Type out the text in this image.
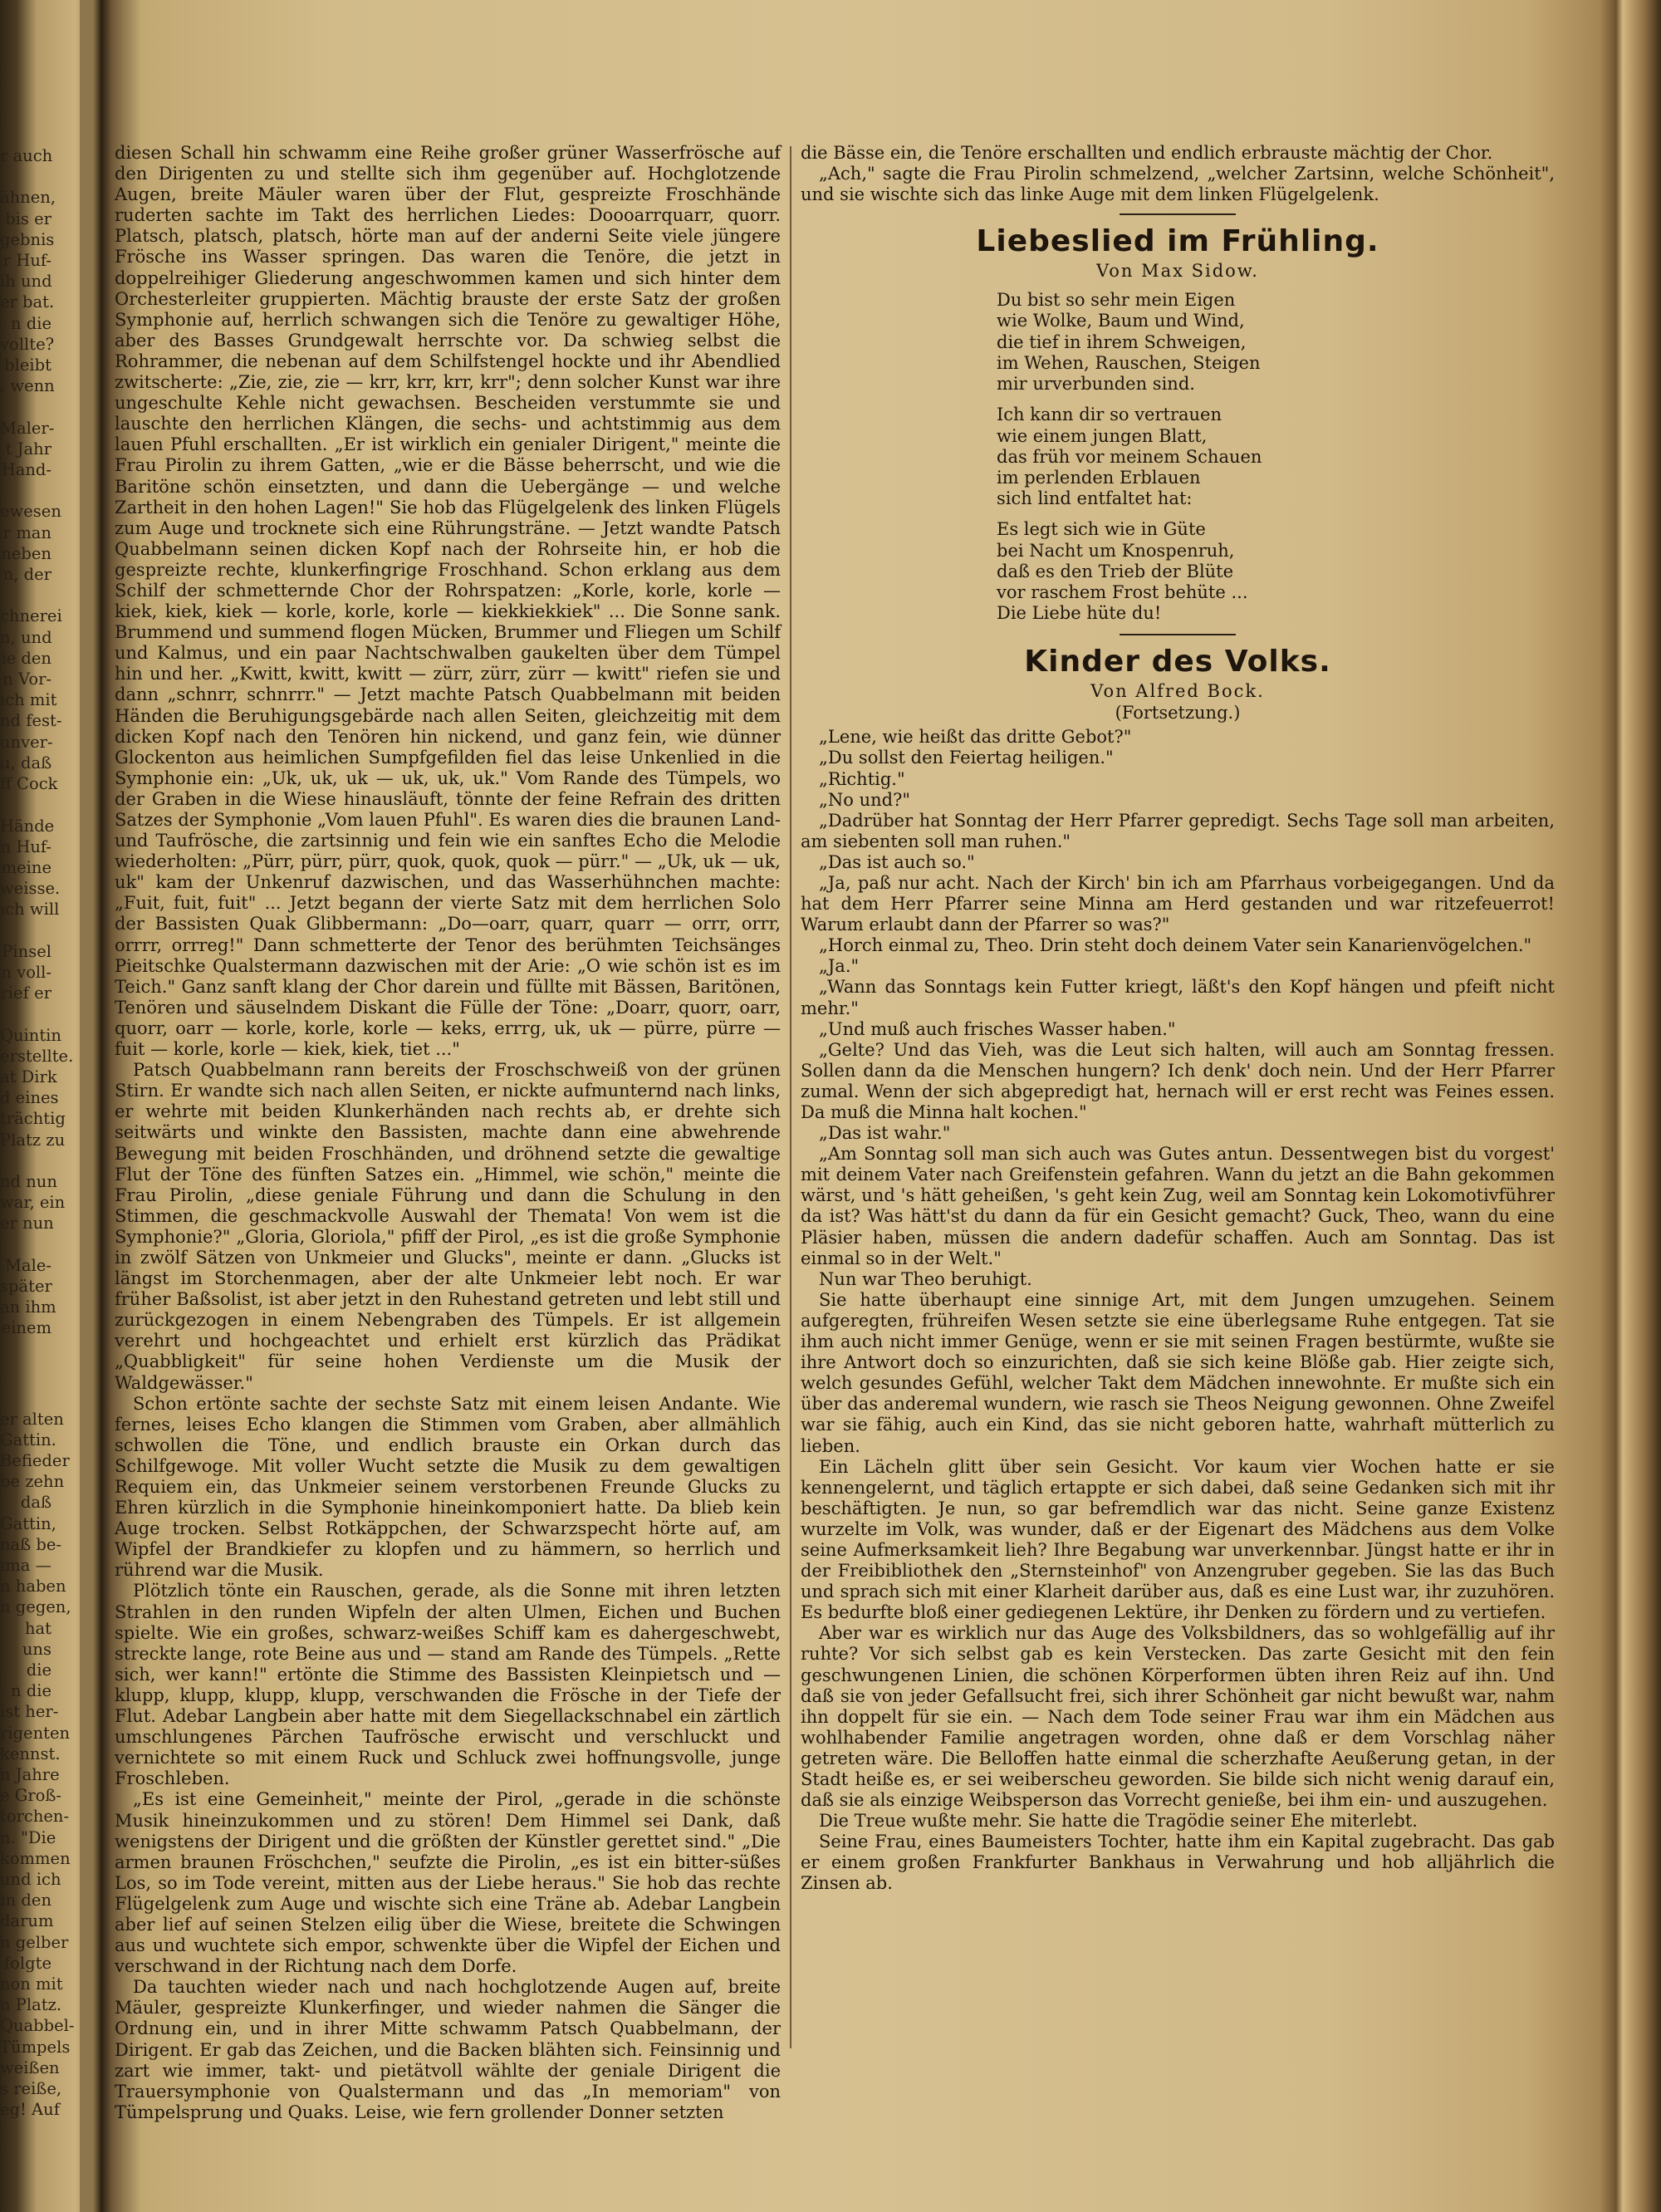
r auch

ähnen,
bis er
gebnis
r Huf-
ih und
er bat.
n die
vollte?
bleibt
, wenn

Maler-
t Jahr
Hand-

ewesen
r man
neben
n, der

chnerei
n, und
ie den
n Vor-
ich mit
nd fest-
unver-
u, daß
ff Cock

Hände
n Huf-
meine
weisse.
ich will

Pinsel
n voll-
rief er

Quintin
erstellte.
at Dirk
d eines
trächtig
Platz zu

nd nun
war, ein
er nun

Male-
später
an ihm
einem
er alten
Gattin.
Befieder
be zehn
daß
Gattin,
naß be-
ima —
n haben
n gegen,
hat
uns
die
n die
ist her-
rigenten
kennst.
n Jahre
e Groß-
torchen-
n. "Die
kommen
und ich
in den
darum
n gelber
folgte
non mit
n Platz.
Quabbel-
Tümpels
weißen
s reiße,
eg! Auf

diesen Schall hin schwamm eine Reihe großer grüner Wasserfrösche auf den Dirigenten zu und stellte sich ihm gegenüber auf. Hochglotzende Augen, breite Mäuler waren über der Flut, gespreizte Froschhände ruderten sachte im Takt des herrlichen Liedes: Doooarrquarr, quorr. Platsch, platsch, platsch, hörte man auf der anderni Seite viele jüngere Frösche ins Wasser springen. Das waren die Tenöre, die jetzt in doppelreihiger Gliederung angeschwommen kamen und sich hinter dem Orchesterleiter gruppierten. Mächtig brauste der erste Satz der großen Symphonie auf, herrlich schwangen sich die Tenöre zu gewaltiger Höhe, aber des Basses Grundgewalt herrschte vor. Da schwieg selbst die Rohrammer, die nebenan auf dem Schilfstengel hockte und ihr Abendlied zwitscherte: „Zie, zie, zie — krr, krr, krr, krr"; denn solcher Kunst war ihre ungeschulte Kehle nicht gewachsen. Bescheiden verstummte sie und lauschte den herrlichen Klängen, die sechs- und achtstimmig aus dem lauen Pfuhl erschallten. „Er ist wirklich ein genialer Dirigent," meinte die Frau Pirolin zu ihrem Gatten, „wie er die Bässe beherrscht, und wie die Baritöne schön einsetzten, und dann die Uebergänge — und welche Zartheit in den hohen Lagen!" Sie hob das Flügelgelenk des linken Flügels zum Auge und trocknete sich eine Rührungsträne. — Jetzt wandte Patsch Quabbelmann seinen dicken Kopf nach der Rohrseite hin, er hob die gespreizte rechte, klunkerfingrige Froschhand. Schon erklang aus dem Schilf der schmetternde Chor der Rohrspatzen: „Korle, korle, korle — kiek, kiek, kiek — korle, korle, korle — kiekkiekkiek" ... Die Sonne sank. Brummend und summend flogen Mücken, Brummer und Fliegen um Schilf und Kalmus, und ein paar Nachtschwalben gaukelten über dem Tümpel hin und her. „Kwitt, kwitt, kwitt — zürr, zürr, zürr — kwitt" riefen sie und dann „schnrr, schnrrr." — Jetzt machte Patsch Quabbelmann mit beiden Händen die Beruhigungsgebärde nach allen Seiten, gleichzeitig mit dem dicken Kopf nach den Tenören hin nickend, und ganz fein, wie dünner Glockenton aus heimlichen Sumpfgefilden fiel das leise Unkenlied in die Symphonie ein: „Uk, uk, uk — uk, uk, uk." Vom Rande des Tümpels, wo der Graben in die Wiese hinausläuft, tönnte der feine Refrain des dritten Satzes der Symphonie „Vom lauen Pfuhl". Es waren dies die braunen Land- und Taufrösche, die zartsinnig und fein wie ein sanftes Echo die Melodie wiederholten: „Pürr, pürr, pürr, quok, quok, quok — pürr." — „Uk, uk — uk, uk" kam der Unkenruf dazwischen, und das Wasserhühnchen machte: „Fuit, fuit, fuit" ... Jetzt begann der vierte Satz mit dem herrlichen Solo der Bassisten Quak Glibbermann: „Do—oarr, quarr, quarr — orrr, orrr, orrrr, orrreg!" Dann schmetterte der Tenor des berühmten Teichsänges Pieitschke Qualstermann dazwischen mit der Arie: „O wie schön ist es im Teich." Ganz sanft klang der Chor darein und füllte mit Bässen, Baritönen, Tenören und säuselndem Diskant die Fülle der Töne: „Doarr, quorr, oarr, quorr, oarr — korle, korle, korle — keks, errrg, uk, uk — pürre, pürre — fuit — korle, korle — kiek, kiek, tiet ..."

Patsch Quabbelmann rann bereits der Froschschweiß von der grünen Stirn. Er wandte sich nach allen Seiten, er nickte aufmunternd nach links, er wehrte mit beiden Klunkerhänden nach rechts ab, er drehte sich seitwärts und winkte den Bassisten, machte dann eine abwehrende Bewegung mit beiden Froschhänden, und dröhnend setzte die gewaltige Flut der Töne des fünften Satzes ein. „Himmel, wie schön," meinte die Frau Pirolin, „diese geniale Führung und dann die Schulung in den Stimmen, die geschmackvolle Auswahl der Themata! Von wem ist die Symphonie?" „Gloria, Gloriola," pfiff der Pirol, „es ist die große Symphonie in zwölf Sätzen von Unkmeier und Glucks", meinte er dann. „Glucks ist längst im Storchenmagen, aber der alte Unkmeier lebt noch. Er war früher Baßsolist, ist aber jetzt in den Ruhestand getreten und lebt still und zurückgezogen in einem Nebengraben des Tümpels. Er ist allgemein verehrt und hochgeachtet und erhielt erst kürzlich das Prädikat „Quabbligkeit" für seine hohen Verdienste um die Musik der Waldgewässer."

Schon ertönte sachte der sechste Satz mit einem leisen Andante. Wie fernes, leises Echo klangen die Stimmen vom Graben, aber allmählich schwollen die Töne, und endlich brauste ein Orkan durch das Schilfgewoge. Mit voller Wucht setzte die Musik zu dem gewaltigen Requiem ein, das Unkmeier seinem verstorbenen Freunde Glucks zu Ehren kürzlich in die Symphonie hineinkomponiert hatte. Da blieb kein Auge trocken. Selbst Rotkäppchen, der Schwarzspecht hörte auf, am Wipfel der Brandkiefer zu klopfen und zu hämmern, so herrlich und rührend war die Musik.

Plötzlich tönte ein Rauschen, gerade, als die Sonne mit ihren letzten Strahlen in den runden Wipfeln der alten Ulmen, Eichen und Buchen spielte. Wie ein großes, schwarz-weißes Schiff kam es dahergeschwebt, streckte lange, rote Beine aus und — stand am Rande des Tümpels. „Rette sich, wer kann!" ertönte die Stimme des Bassisten Kleinpietsch und — klupp, klupp, klupp, klupp, verschwanden die Frösche in der Tiefe der Flut. Adebar Langbein aber hatte mit dem Siegellackschnabel ein zärtlich umschlungenes Pärchen Taufrösche erwischt und verschluckt und vernichtete so mit einem Ruck und Schluck zwei hoffnungsvolle, junge Froschleben.

„Es ist eine Gemeinheit," meinte der Pirol, „gerade in die schönste Musik hineinzukommen und zu stören! Dem Himmel sei Dank, daß wenigstens der Dirigent und die größten der Künstler gerettet sind." „Die armen braunen Fröschchen," seufzte die Pirolin, „es ist ein bitter-süßes Los, so im Tode vereint, mitten aus der Liebe heraus." Sie hob das rechte Flügelgelenk zum Auge und wischte sich eine Träne ab. Adebar Langbein aber lief auf seinen Stelzen eilig über die Wiese, breitete die Schwingen aus und wuchtete sich empor, schwenkte über die Wipfel der Eichen und verschwand in der Richtung nach dem Dorfe.

Da tauchten wieder nach und nach hochglotzende Augen auf, breite Mäuler, gespreizte Klunkerfinger, und wieder nahmen die Sänger die Ordnung ein, und in ihrer Mitte schwamm Patsch Quabbelmann, der Dirigent. Er gab das Zeichen, und die Backen blähten sich. Feinsinnig und zart wie immer, takt- und pietätvoll wählte der geniale Dirigent die Trauersymphonie von Qualstermann und das „In memoriam" von Tümpelsprung und Quaks. Leise, wie fern grollender Donner setzten

die Bässe ein, die Tenöre erschallten und endlich erbrauste mächtig der Chor.

„Ach," sagte die Frau Pirolin schmelzend, „welcher Zartsinn, welche Schönheit", und sie wischte sich das linke Auge mit dem linken Flügelgelenk.

Liebeslied im Frühling.
Von Max Sidow.
Du bist so sehr mein Eigen
wie Wolke, Baum und Wind,
die tief in ihrem Schweigen,
im Wehen, Rauschen, Steigen
mir urverbunden sind.
Ich kann dir so vertrauen
wie einem jungen Blatt,
das früh vor meinem Schauen
im perlenden Erblauen
sich lind entfaltet hat:
Es legt sich wie in Güte
bei Nacht um Knospenruh,
daß es den Trieb der Blüte
vor raschem Frost behüte ...
Die Liebe hüte du!
Kinder des Volks.
Von Alfred Bock.
(Fortsetzung.)

„Lene, wie heißt das dritte Gebot?"

„Du sollst den Feiertag heiligen."

„Richtig."

„No und?"

„Dadrüber hat Sonntag der Herr Pfarrer gepredigt. Sechs Tage soll man arbeiten, am siebenten soll man ruhen."

„Das ist auch so."

„Ja, paß nur acht. Nach der Kirch' bin ich am Pfarrhaus vorbeigegangen. Und da hat dem Herr Pfarrer seine Minna am Herd gestanden und war ritzefeuerrot! Warum erlaubt dann der Pfarrer so was?"

„Horch einmal zu, Theo. Drin steht doch deinem Vater sein Kanarienvögelchen."

„Ja."

„Wann das Sonntags kein Futter kriegt, läßt's den Kopf hängen und pfeift nicht mehr."

„Und muß auch frisches Wasser haben."

„Gelte? Und das Vieh, was die Leut sich halten, will auch am Sonntag fressen. Sollen dann da die Menschen hungern? Ich denk' doch nein. Und der Herr Pfarrer zumal. Wenn der sich abgepredigt hat, hernach will er erst recht was Feines essen. Da muß die Minna halt kochen."

„Das ist wahr."

„Am Sonntag soll man sich auch was Gutes antun. Dessentwegen bist du vorgest' mit deinem Vater nach Greifenstein gefahren. Wann du jetzt an die Bahn gekommen wärst, und 's hätt geheißen, 's geht kein Zug, weil am Sonntag kein Lokomotivführer da ist? Was hätt'st du dann da für ein Gesicht gemacht? Guck, Theo, wann du eine Pläsier haben, müssen die andern dadefür schaffen. Auch am Sonntag. Das ist einmal so in der Welt."

Nun war Theo beruhigt.

Sie hatte überhaupt eine sinnige Art, mit dem Jungen umzugehen. Seinem aufgeregten, frühreifen Wesen setzte sie eine überlegsame Ruhe entgegen. Tat sie ihm auch nicht immer Genüge, wenn er sie mit seinen Fragen bestürmte, wußte sie ihre Antwort doch so einzurichten, daß sie sich keine Blöße gab. Hier zeigte sich, welch gesundes Gefühl, welcher Takt dem Mädchen innewohnte. Er mußte sich ein über das anderemal wundern, wie rasch sie Theos Neigung gewonnen. Ohne Zweifel war sie fähig, auch ein Kind, das sie nicht geboren hatte, wahrhaft mütterlich zu lieben.

Ein Lächeln glitt über sein Gesicht. Vor kaum vier Wochen hatte er sie kennengelernt, und täglich ertappte er sich dabei, daß seine Gedanken sich mit ihr beschäftigten. Je nun, so gar befremdlich war das nicht. Seine ganze Existenz wurzelte im Volk, was wunder, daß er der Eigenart des Mädchens aus dem Volke seine Aufmerksamkeit lieh? Ihre Begabung war unverkennbar. Jüngst hatte er ihr in der Freibibliothek den „Sternsteinhof" von Anzengruber gegeben. Sie las das Buch und sprach sich mit einer Klarheit darüber aus, daß es eine Lust war, ihr zuzuhören. Es bedurfte bloß einer gediegenen Lektüre, ihr Denken zu fördern und zu vertiefen.

Aber war es wirklich nur das Auge des Volksbildners, das so wohlgefällig auf ihr ruhte? Vor sich selbst gab es kein Verstecken. Das zarte Gesicht mit den fein geschwungenen Linien, die schönen Körperformen übten ihren Reiz auf ihn. Und daß sie von jeder Gefallsucht frei, sich ihrer Schönheit gar nicht bewußt war, nahm ihn doppelt für sie ein. — Nach dem Tode seiner Frau war ihm ein Mädchen aus wohlhabender Familie angetragen worden, ohne daß er dem Vorschlag näher getreten wäre. Die Belloffen hatte einmal die scherzhafte Aeußerung getan, in der Stadt heiße es, er sei weiberscheu geworden. Sie bilde sich nicht wenig darauf ein, daß sie als einzige Weibsperson das Vorrecht genieße, bei ihm ein- und auszugehen.

Die Treue wußte mehr. Sie hatte die Tragödie seiner Ehe miterlebt.

Seine Frau, eines Baumeisters Tochter, hatte ihm ein Kapital zugebracht. Das gab er einem großen Frankfurter Bankhaus in Verwahrung und hob alljährlich die Zinsen ab.
